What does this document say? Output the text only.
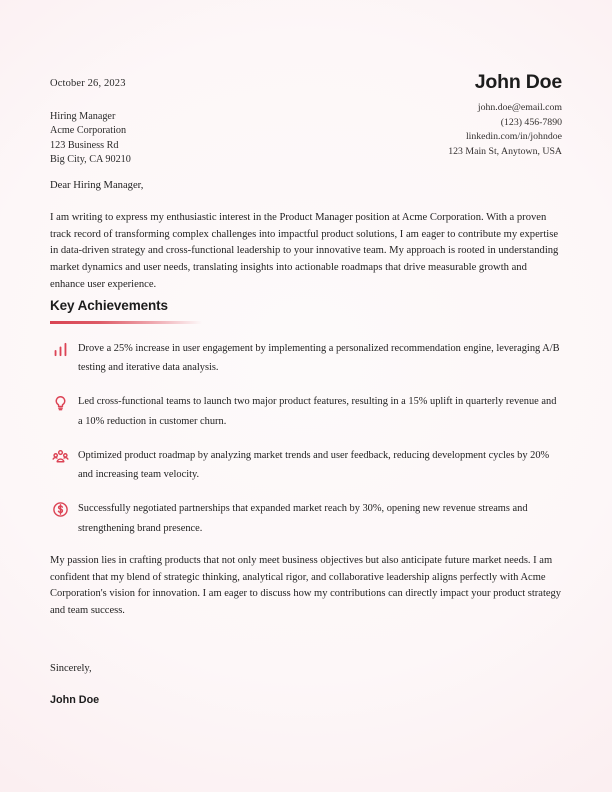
October 26, 2023	John Doe
john.doe@email.com
(123) 456-7890
linkedin.com/in/johndoe
123 Main St, Anytown, USA
Hiring Manager
Acme Corporation
123 Business Rd
Big City, CA 90210
Dear Hiring Manager,
I am writing to express my enthusiastic interest in the Product Manager position at Acme Corporation. With a proven track record of transforming complex challenges into impactful product solutions, I am eager to contribute my expertise in data-driven strategy and cross-functional leadership to your innovative team. My approach is rooted in understanding market dynamics and user needs, translating insights into actionable roadmaps that drive measurable growth and enhance user experience.
Key Achievements
Drove a 25% increase in user engagement by implementing a personalized recommendation engine, leveraging A/B testing and iterative data analysis.
Led cross-functional teams to launch two major product features, resulting in a 15% uplift in quarterly revenue and a 10% reduction in customer churn.
Optimized product roadmap by analyzing market trends and user feedback, reducing development cycles by 20% and increasing team velocity.
Successfully negotiated partnerships that expanded market reach by 30%, opening new revenue streams and strengthening brand presence.
My passion lies in crafting products that not only meet business objectives but also anticipate future market needs. I am confident that my blend of strategic thinking, analytical rigor, and collaborative leadership aligns perfectly with Acme Corporation's vision for innovation. I am eager to discuss how my contributions can directly impact your product strategy and team success.
Sincerely,
John Doe
